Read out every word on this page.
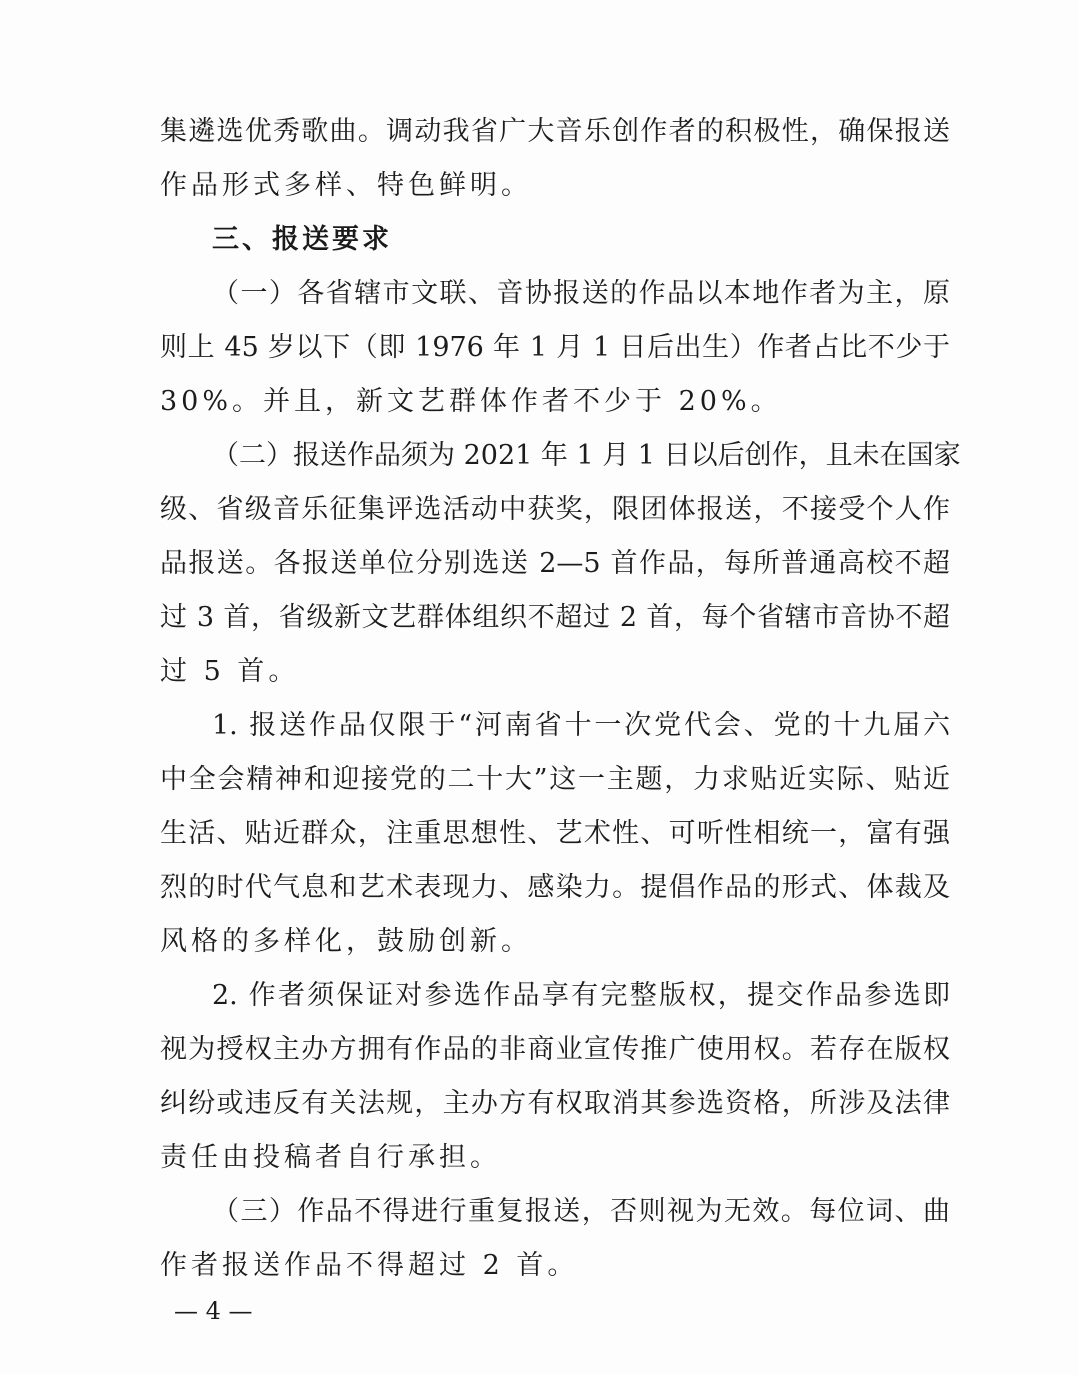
集遴选优秀歌曲。调动我省广大音乐创作者的积极性，确保报送
作品形式多样、特色鲜明。
三、报送要求
（一）各省辖市文联、音协报送的作品以本地作者为主，原
则上 45 岁以下（即 1976 年 1 月 1 日后出生）作者占比不少于
30%。并且，新文艺群体作者不少于 20%。
（二）报送作品须为 2021 年 1 月 1 日以后创作，且未在国家
级、省级音乐征集评选活动中获奖，限团体报送，不接受个人作
品报送。各报送单位分别选送 2—5 首作品，每所普通高校不超
过 3 首，省级新文艺群体组织不超过 2 首，每个省辖市音协不超
过 5 首。
1. 报送作品仅限于“河南省十一次党代会、党的十九届六
中全会精神和迎接党的二十大”这一主题，力求贴近实际、贴近
生活、贴近群众，注重思想性、艺术性、可听性相统一，富有强
烈的时代气息和艺术表现力、感染力。提倡作品的形式、体裁及
风格的多样化，鼓励创新。
2. 作者须保证对参选作品享有完整版权，提交作品参选即
视为授权主办方拥有作品的非商业宣传推广使用权。若存在版权
纠纷或违反有关法规，主办方有权取消其参选资格，所涉及法律
责任由投稿者自行承担。
（三）作品不得进行重复报送，否则视为无效。每位词、曲
作者报送作品不得超过 2 首。
— 4 —
